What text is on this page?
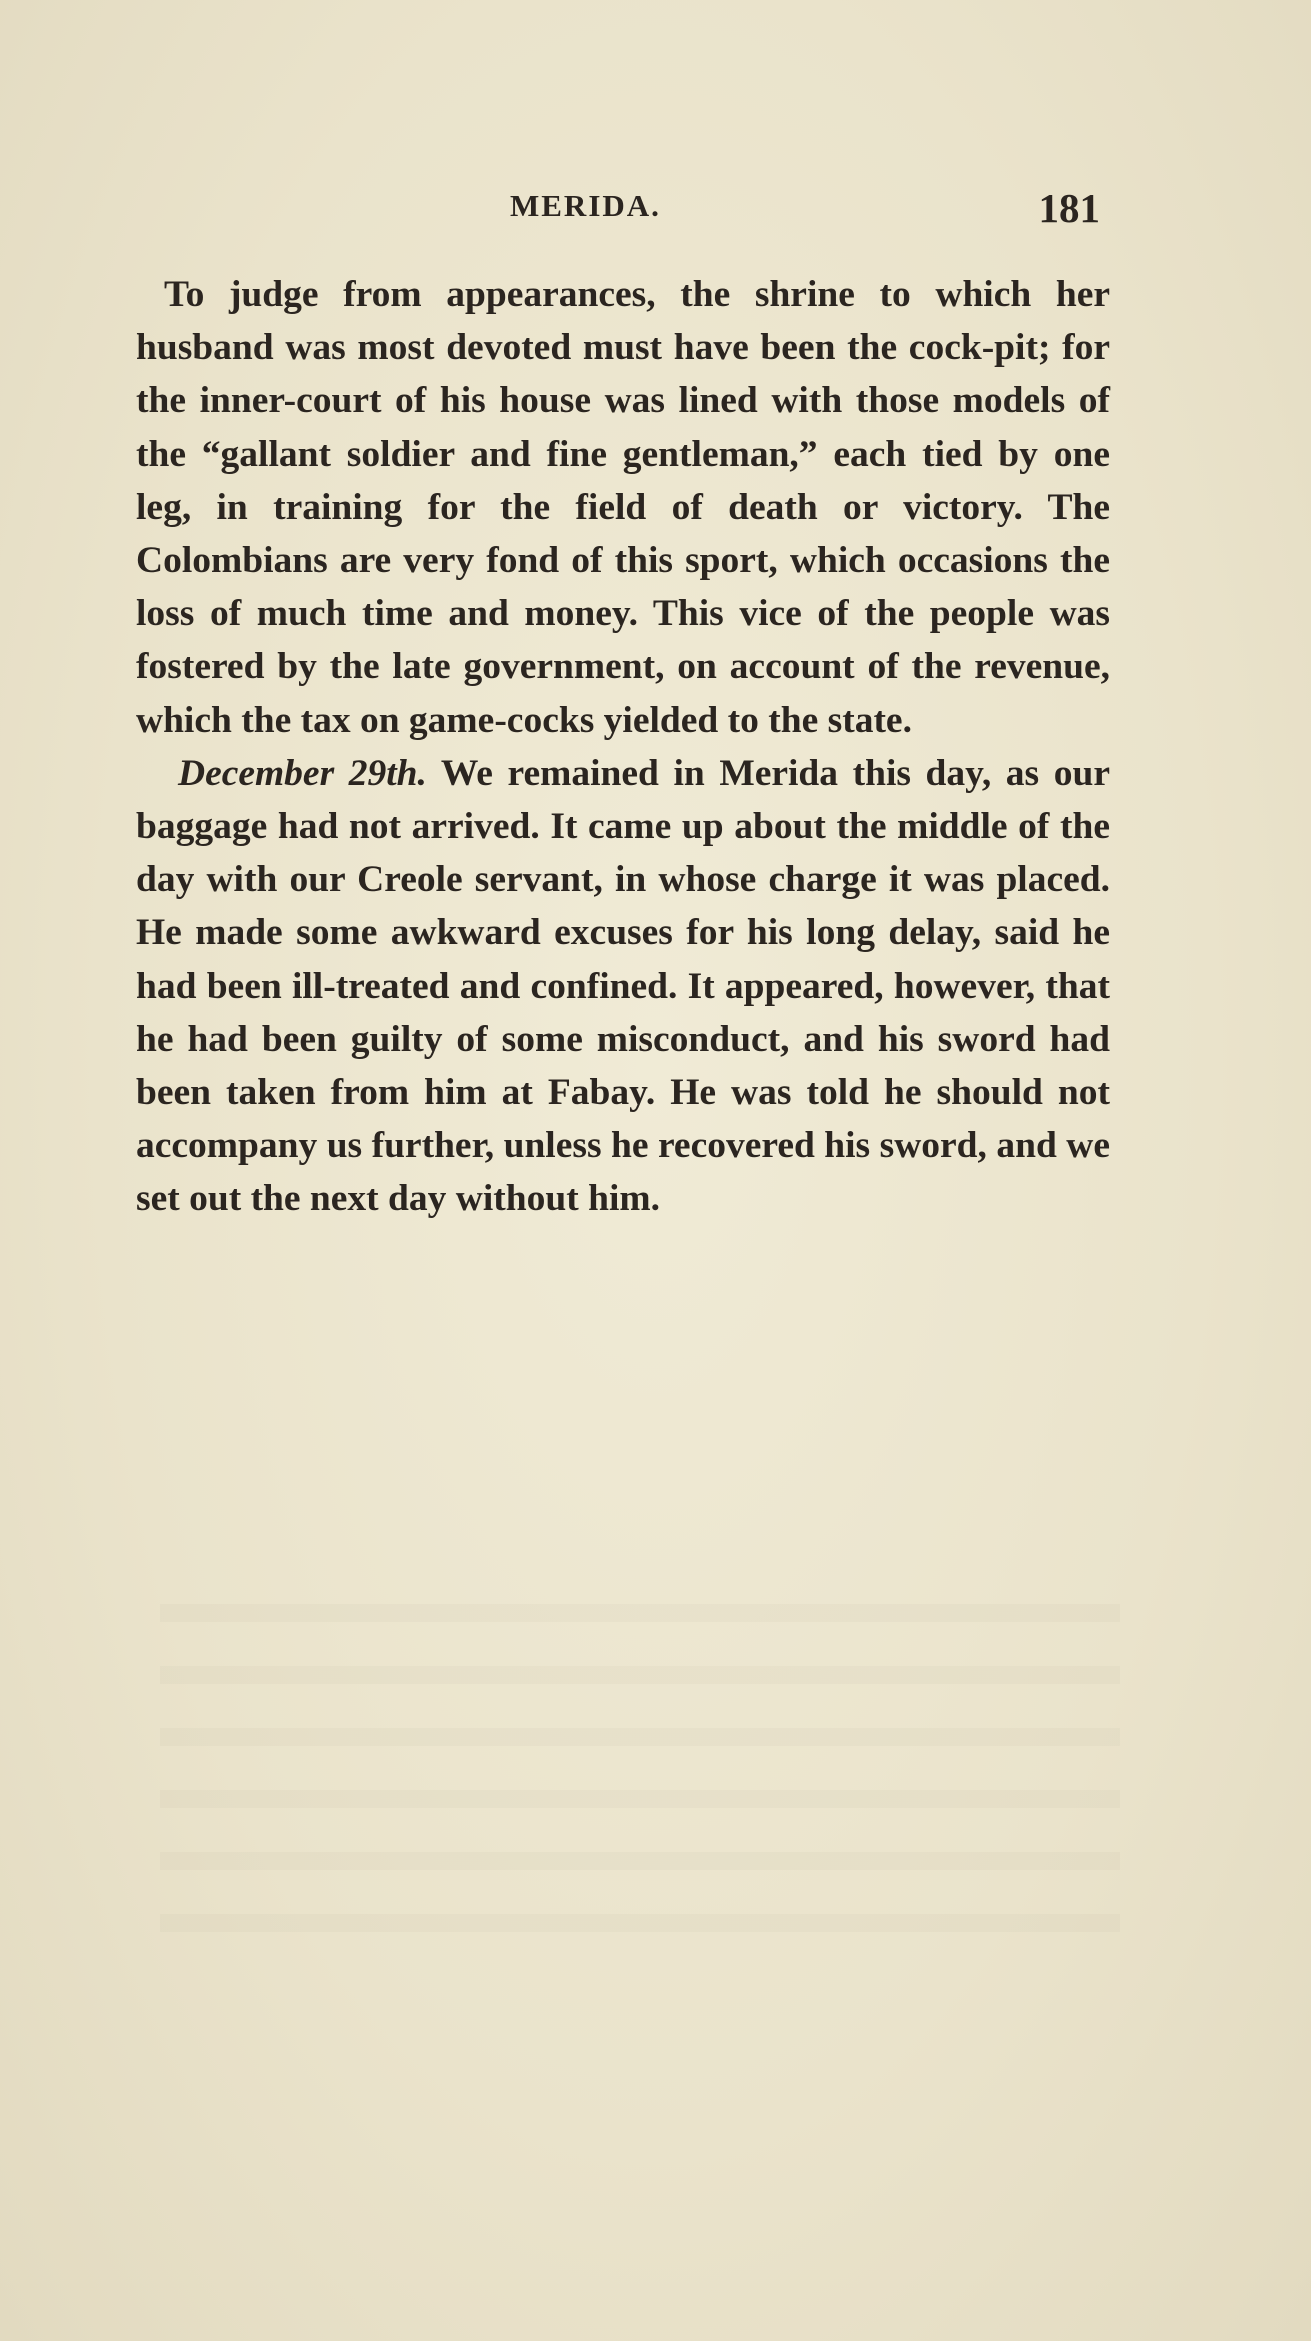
MERIDA.	181

To judge from appearances, the shrine to which her husband was most devoted must have been the cock-pit; for the inner-court of his house was lined with those models of the “gallant soldier and fine gentleman,” each tied by one leg, in training for the field of death or victory. The Colombians are very fond of this sport, which occasions the loss of much time and money. This vice of the people was fostered by the late government, on account of the revenue, which the tax on game-cocks yielded to the state.

December 29th. We remained in Merida this day, as our baggage had not arrived. It came up about the middle of the day with our Creole servant, in whose charge it was placed. He made some awkward excuses for his long delay, said he had been ill-treated and confined. It appeared, however, that he had been guilty of some misconduct, and his sword had been taken from him at Fabay. He was told he should not accompany us further, unless he recovered his sword, and we set out the next day without him.
